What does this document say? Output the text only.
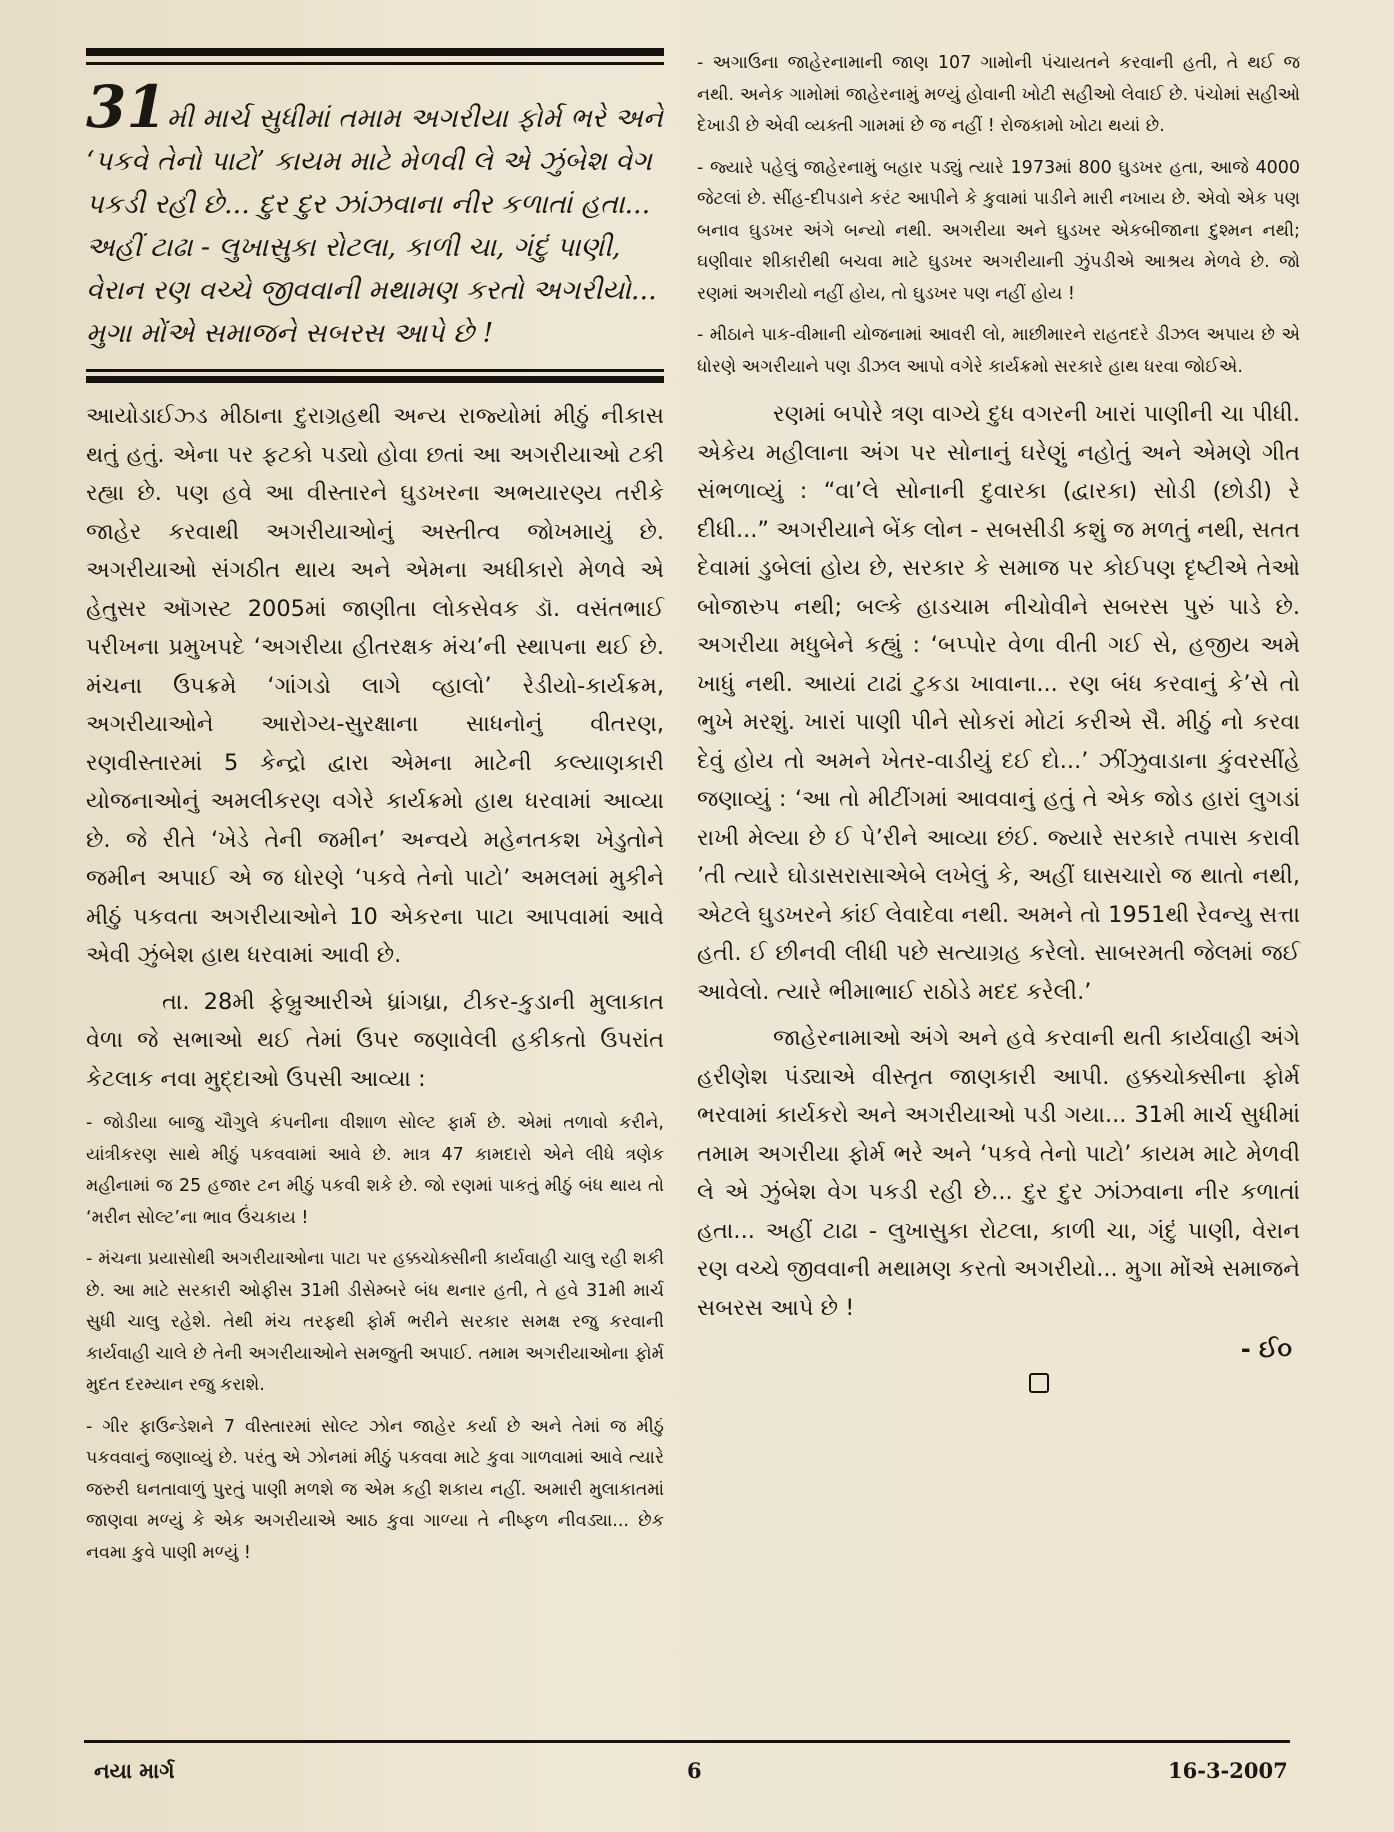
31મી માર્ચ સુધીમાં તમામ અગરીયા ફોર્મ ભરે અને ‘પકવે તેનો પાટો’ કાયમ માટે મેળવી લે એ ઝુંબેશ વેગ પકડી રહી છે... દુર દુર ઝાંઝવાના નીર કળાતાં હતા... અહીં ટાઢા - લુખાસુકા રોટલા, કાળી ચા, ગંદું પાણી, વેરાન રણ વચ્ચે જીવવાની મથામણ કરતો અગરીયો... મુગા મોંએ સમાજને સબરસ આપે છે !

આયોડાઈઝ્ડ મીઠાના દુરાગ્રહથી અન્ય રાજ્યોમાં મીઠું નીકાસ થતું હતું. એના પર ફટકો પડ્યો હોવા છતાં આ અગરીયાઓ ટકી રહ્યા છે. પણ હવે આ વીસ્તારને ઘુડખરના અભયારણ્ય તરીકે જાહેર કરવાથી અગરીયાઓનું અસ્તીત્વ જોખમાયું છે. અગરીયાઓ સંગઠીત થાય અને એમના અધીકારો મેળવે એ હેતુસર ઑગસ્ટ 2005માં જાણીતા લોકસેવક ડૉ. વસંતભાઈ પરીખના પ્રમુખપદે ‘અગરીયા હીતરક્ષક મંચ’ની સ્થાપના થઈ છે. મંચના ઉપક્રમે ‘ગાંગડો લાગે વ્હાલો’ રેડીયો-કાર્યક્રમ, અગરીયાઓને આરોગ્ય-સુરક્ષાના સાધનોનું વીતરણ, રણવીસ્તારમાં 5 કેન્દ્રો દ્વારા એમના માટેની કલ્યાણકારી યોજનાઓનું અમલીકરણ વગેરે કાર્યક્રમો હાથ ધરવામાં આવ્યા છે. જે રીતે ‘ખેડે તેની જમીન’ અન્વયે મહેનતકશ ખેડુતોને જમીન અપાઈ એ જ ધોરણે ‘પકવે તેનો પાટો’ અમલમાં મુકીને મીઠું પકવતા અગરીયાઓને 10 એકરના પાટા આપવામાં આવે એવી ઝુંબેશ હાથ ધરવામાં આવી છે.

તા. 28મી ફેબ્રુઆરીએ ધ્રાંગધ્રા, ટીકર-કુડાની મુલાકાત વેળા જે સભાઓ થઈ તેમાં ઉપર જણાવેલી હકીકતો ઉપરાંત કેટલાક નવા મુદ્દાઓ ઉપસી આવ્યા :

- જોડીયા બાજુ ચૌગુલે કંપનીના વીશાળ સોલ્ટ ફાર્મ છે. એમાં તળાવો કરીને, યાંત્રીકરણ સાથે મીઠું પકવવામાં આવે છે. માત્ર 47 કામદારો એને લીધે ત્રણેક મહીનામાં જ 25 હજાર ટન મીઠું પકવી શકે છે. જો રણમાં પાકતું મીઠું બંધ થાય તો ‘મરીન સોલ્ટ’ના ભાવ ઉંચકાય !

- મંચના પ્રયાસોથી અગરીયાઓના પાટા પર હક્કચોક્સીની કાર્યવાહી ચાલુ રહી શકી છે. આ માટે સરકારી ઓફીસ 31મી ડીસેમ્બરે બંધ થનાર હતી, તે હવે 31મી માર્ચ સુધી ચાલુ રહેશે. તેથી મંચ તરફથી ફોર્મ ભરીને સરકાર સમક્ષ રજુ કરવાની કાર્યવાહી ચાલે છે તેની અગરીયાઓને સમજુતી અપાઈ. તમામ અગરીયાઓના ફોર્મ મુદત દરમ્યાન રજુ કરાશે.

- ગીર ફાઉન્ડેશને 7 વીસ્તારમાં સોલ્ટ ઝોન જાહેર કર્યા છે અને તેમાં જ મીઠું પકવવાનું જણાવ્યું છે. પરંતુ એ ઝોનમાં મીઠું પકવવા માટે કુવા ગાળવામાં આવે ત્યારે જરુરી ઘનતાવાળું પુરતું પાણી મળશે જ એમ કહી શકાય નહીં. અમારી મુલાકાતમાં જાણવા મળ્યું કે એક અગરીયાએ આઠ કુવા ગાળ્યા તે નીષ્ફળ નીવડ્યા... છેક નવમા કુવે પાણી મળ્યું !

- અગાઉના જાહેરનામાની જાણ 107 ગામોની પંચાયતને કરવાની હતી, તે થઈ જ નથી. અનેક ગામોમાં જાહેરનામું મળ્યું હોવાની ખોટી સહીઓ લેવાઈ છે. પંચોમાં સહીઓ દેખાડી છે એવી વ્યક્તી ગામમાં છે જ નહીં ! રોજકામો ખોટા થયાં છે.

- જ્યારે પહેલું જાહેરનામું બહાર પડ્યું ત્યારે 1973માં 800 ઘુડખર હતા, આજે 4000 જેટલાં છે. સીંહ-દીપડાને કરંટ આપીને કે કુવામાં પાડીને મારી નખાય છે. એવો એક પણ બનાવ ઘુડખર અંગે બન્યો નથી. અગરીયા અને ઘુડખર એકબીજાના દુશ્મન નથી; ઘણીવાર શીકારીથી બચવા માટે ઘુડખર અગરીયાની ઝુંપડીએ આશ્રય મેળવે છે. જો રણમાં અગરીયો નહીં હોય, તો ઘુડખર પણ નહીં હોય !

- મીઠાને પાક-વીમાની યોજનામાં આવરી લો, માછીમારને રાહતદરે ડીઝલ અપાય છે એ ધોરણે અગરીયાને પણ ડીઝલ આપો વગેરે કાર્યક્રમો સરકારે હાથ ધરવા જોઈએ.

રણમાં બપોરે ત્રણ વાગ્યે દુધ વગરની ખારાં પાણીની ચા પીધી. એકેય મહીલાના અંગ પર સોનાનું ઘરેણું નહોતું અને એમણે ગીત સંભળાવ્યું : “વા’લે સોનાની દુવારકા (દ્વારકા) સોડી (છોડી) રે દીધી...” અગરીયાને બેંક લોન - સબસીડી કશું જ મળતું નથી, સતત દેવામાં ડુબેલાં હોય છે, સરકાર કે સમાજ પર કોઈપણ દૃષ્ટીએ તેઓ બોજારુપ નથી; બલ્કે હાડચામ નીચોવીને સબરસ પુરું પાડે છે. અગરીયા મધુબેને કહ્યું : ‘બપ્પોર વેળા વીતી ગઈ સે, હજીય અમે ખાધું નથી. આયાં ટાઢાં ટુકડા ખાવાના... રણ બંધ કરવાનું કે’સે તો ભુખે મરશું. ખારાં પાણી પીને સોકરાં મોટાં કરીએ સૈ. મીઠું નો કરવા દેવું હોય તો અમને ખેતર-વાડીયું દઈ દો...’ ઝીંઝુવાડાના કુંવરસીંહે જણાવ્યું : ‘આ તો મીટીંગમાં આવવાનું હતું તે એક જોડ હારાં લુગડાં રાખી મેલ્યા છે ઈ પે’રીને આવ્યા છંઈ. જ્યારે સરકારે તપાસ કરાવી ’તી ત્યારે ઘોડાસરાસાએબે લખેલું કે, અહીં ઘાસચારો જ થાતો નથી, એટલે ઘુડખરને કાંઈ લેવાદેવા નથી. અમને તો 1951થી રેવન્યુ સત્તા હતી. ઈ છીનવી લીધી પછે સત્યાગ્રહ કરેલો. સાબરમતી જેલમાં જઈ આવેલો. ત્યારે ભીમાભાઈ રાઠોડે મદદ કરેલી.’

જાહેરનામાઓ અંગે અને હવે કરવાની થતી કાર્યવાહી અંગે હરીણેશ પંડ્યાએ વીસ્તૃત જાણકારી આપી. હક્કચોક્સીના ફોર્મ ભરવામાં કાર્યકરો અને અગરીયાઓ પડી ગયા... 31મી માર્ચ સુધીમાં તમામ અગરીયા ફોર્મ ભરે અને ‘પકવે તેનો પાટો’ કાયમ માટે મેળવી લે એ ઝુંબેશ વેગ પકડી રહી છે... દુર દુર ઝાંઝવાના નીર કળાતાં હતા... અહીં ટાઢા - લુખાસુકા રોટલા, કાળી ચા, ગંદું પાણી, વેરાન રણ વચ્ચે જીવવાની મથામણ કરતો અગરીયો... મુગા મોંએ સમાજને સબરસ આપે છે !

- ઈ૦
નયા માર્ગ	6	16-3-2007
